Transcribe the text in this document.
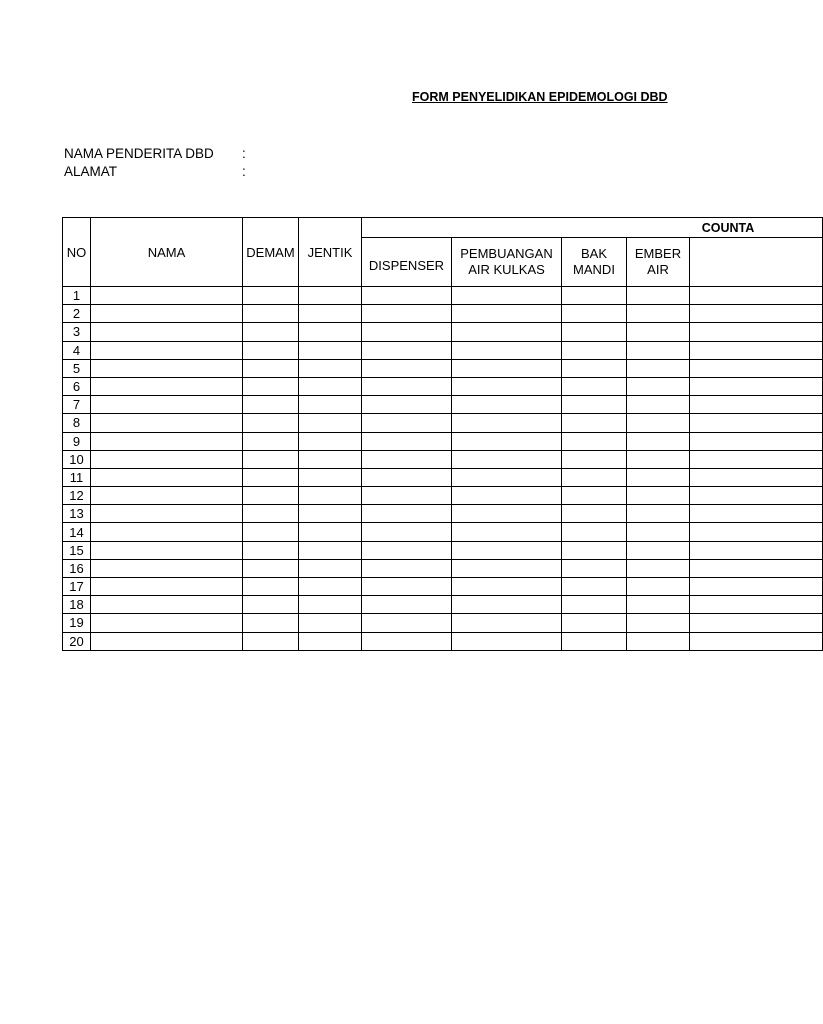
FORM PENYELIDIKAN EPIDEMOLOGI DBD
NAMA PENDERITA DBD :
ALAMAT	:
NO	NAMA	DEMAM	JENTIK	COUNTA				
				DISPENSER	PEMBUANGAN AIR KULKAS	BAK MANDI	EMBER AIR	
1								
2								
3								
4								
5								
6								
7								
8								
9								
10								
11								
12								
13								
14								
15								
16								
17								
18								
19								
20								
